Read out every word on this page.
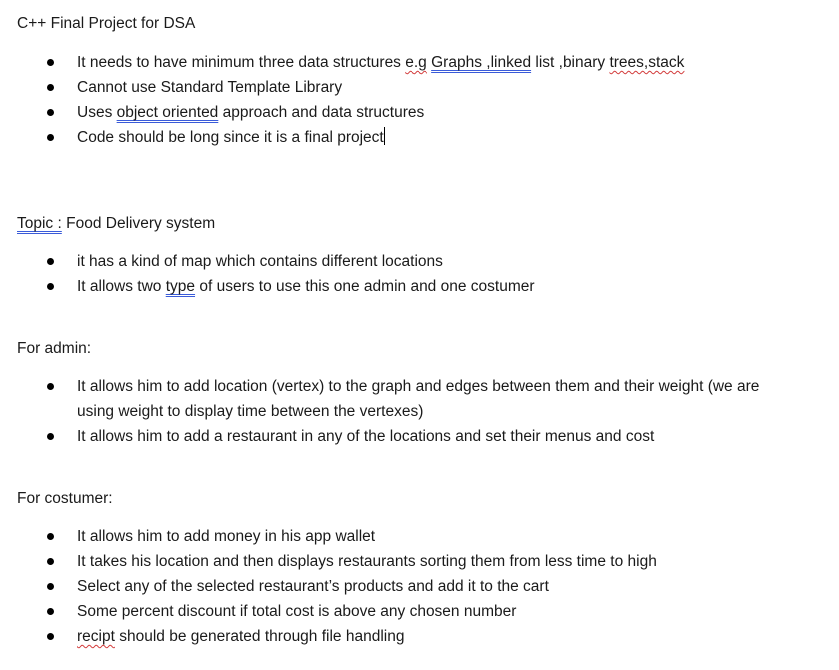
C++ Final Project for DSA

It needs to have minimum three data structures e.g Graphs ,linked list ,binary trees,stack
Cannot use Standard Template Library
Uses object oriented approach and data structures
Code should be long since it is a final project

Topic : Food Delivery system

it has a kind of map which contains different locations
It allows two type of users to use this one admin and one costumer

For admin:

It allows him to add location (vertex) to the graph and edges between them and their weight (we are using weight to display time between the vertexes)
It allows him to add a restaurant in any of the locations and set their menus and cost

For costumer:

It allows him to add money in his app wallet
It takes his location and then displays restaurants sorting them from less time to high
Select any of the selected restaurant’s products and add it to the cart
Some percent discount if total cost is above any chosen number
recipt should be generated through file handling
